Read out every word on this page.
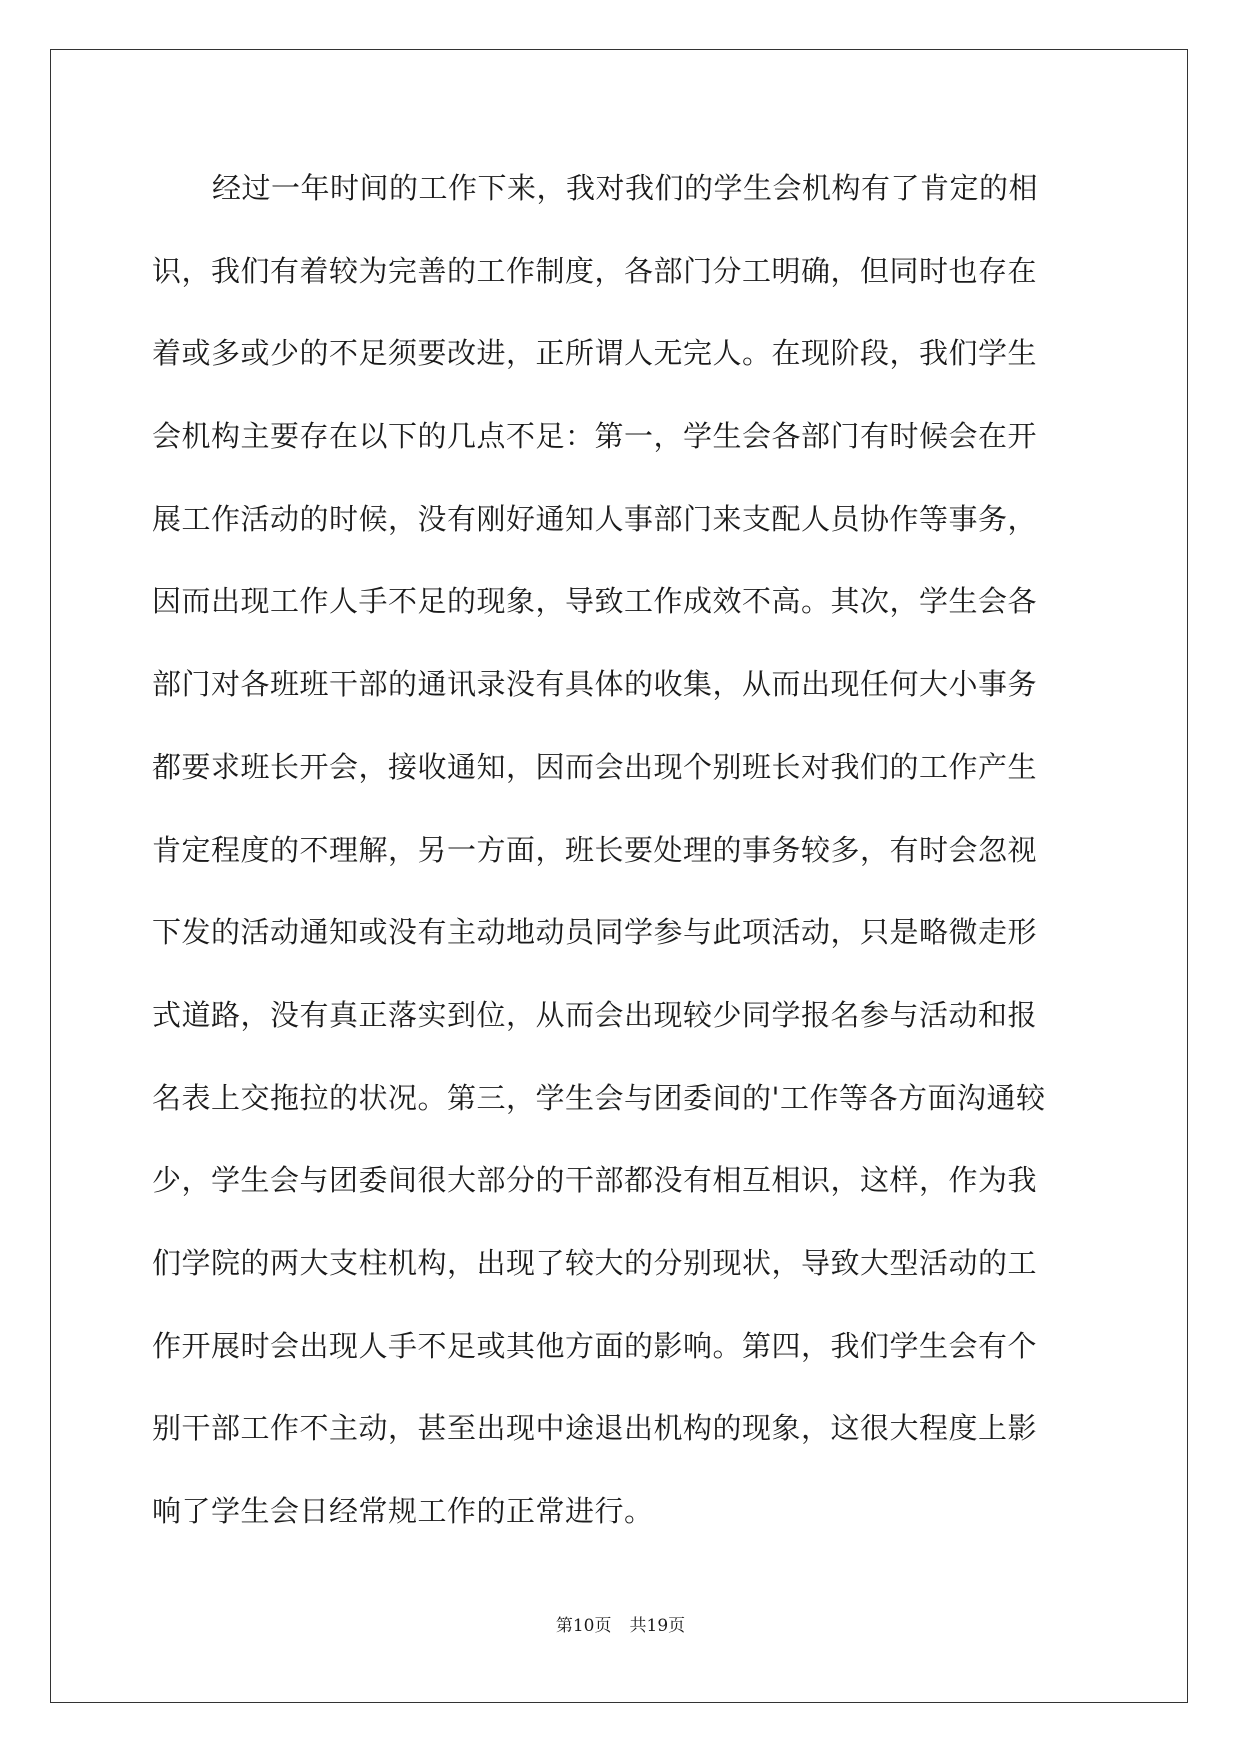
经过一年时间的工作下来，我对我们的学生会机构有了肯定的相
识，我们有着较为完善的工作制度，各部门分工明确，但同时也存在
着或多或少的不足须要改进，正所谓人无完人。在现阶段，我们学生
会机构主要存在以下的几点不足：第一，学生会各部门有时候会在开
展工作活动的时候，没有刚好通知人事部门来支配人员协作等事务，
因而出现工作人手不足的现象，导致工作成效不高。其次，学生会各
部门对各班班干部的通讯录没有具体的收集，从而出现任何大小事务
都要求班长开会，接收通知，因而会出现个别班长对我们的工作产生
肯定程度的不理解，另一方面，班长要处理的事务较多，有时会忽视
下发的活动通知或没有主动地动员同学参与此项活动，只是略微走形
式道路，没有真正落实到位，从而会出现较少同学报名参与活动和报
名表上交拖拉的状况。第三，学生会与团委间的'工作等各方面沟通较
少，学生会与团委间很大部分的干部都没有相互相识，这样，作为我
们学院的两大支柱机构，出现了较大的分别现状，导致大型活动的工
作开展时会出现人手不足或其他方面的影响。第四，我们学生会有个
别干部工作不主动，甚至出现中途退出机构的现象，这很大程度上影
响了学生会日经常规工作的正常进行。
第10页 共19页
